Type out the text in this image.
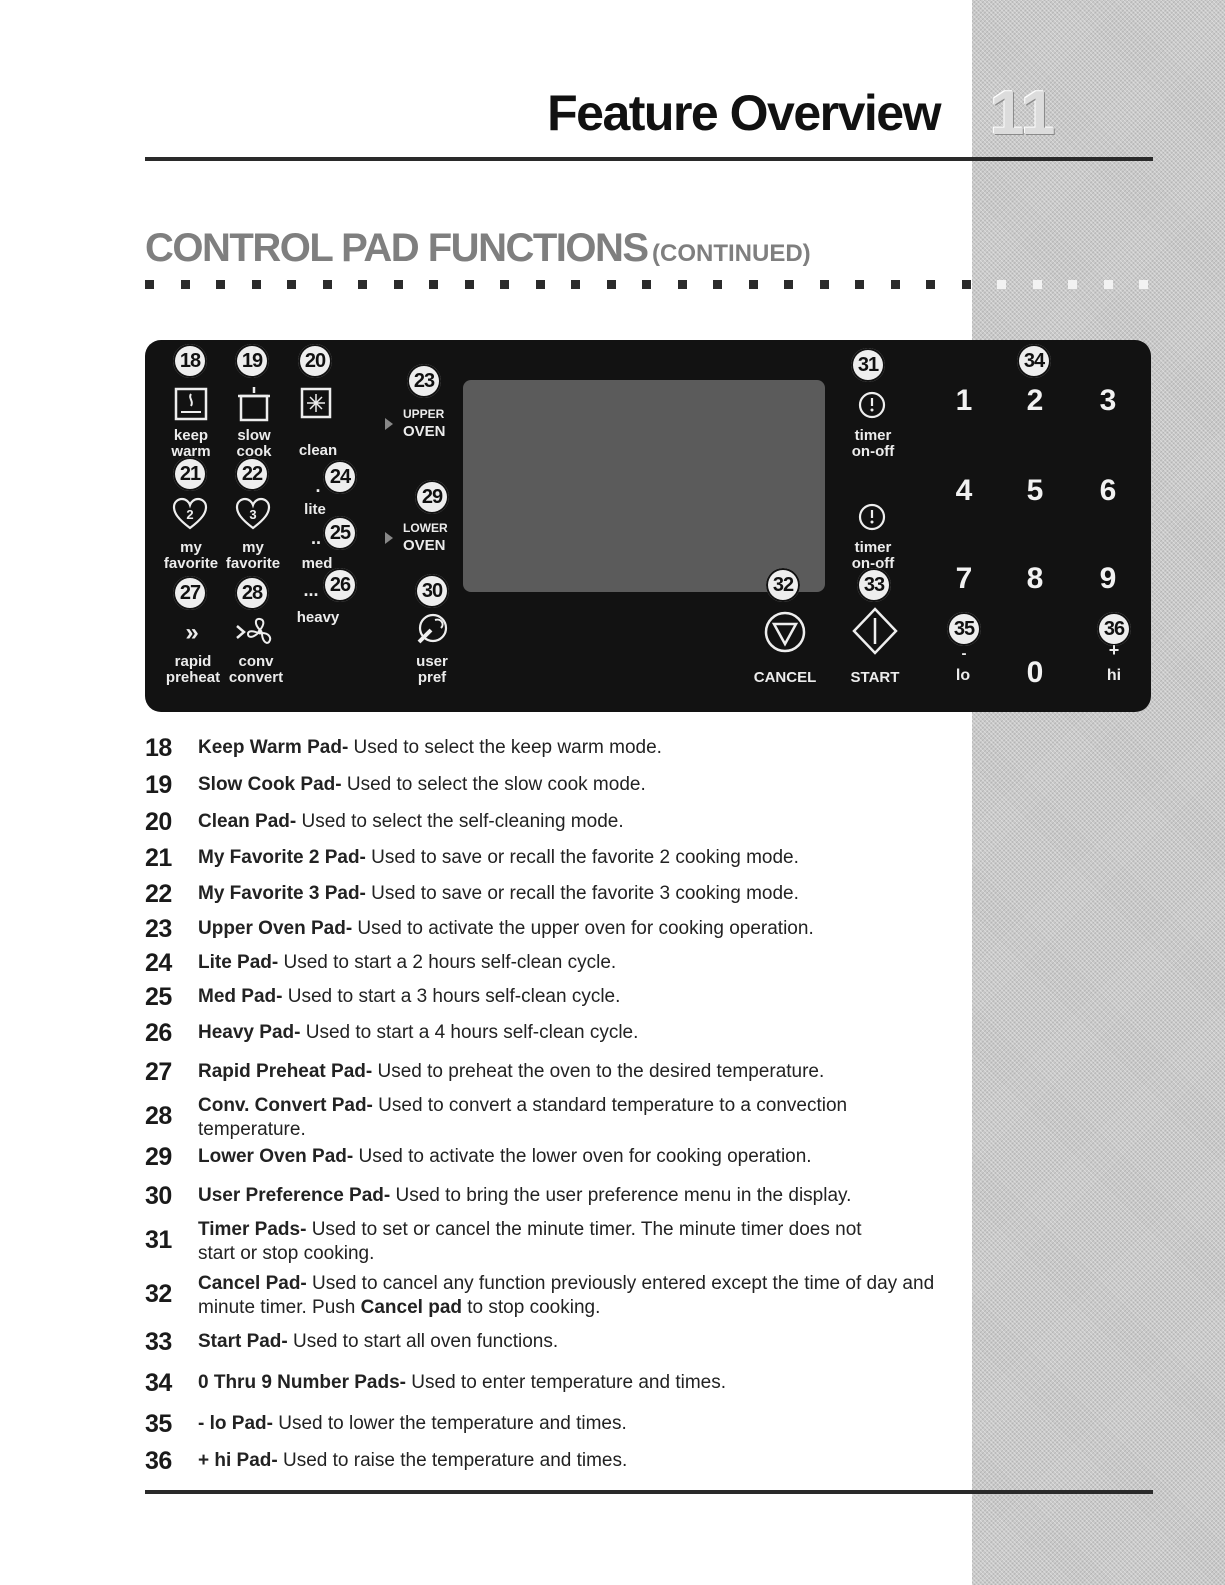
Feature Overview 11
CONTROL PAD FUNCTIONS (CONTINUED)
18	19	20
21	22
23
24
25
26
27	28
29
30
31
32	33
34
35	36
keep
warm
slow
cook	clean
.
lite
..
med
...
heavy
2
my
favorite
3
my
favorite
»
rapid
preheat
conv
convert
UPPER
OVEN
LOWER
OVEN
user
pref
timer
on-off
timer
on-off
CANCEL	START
1	2	3
4	5	6
7	8	9
0
-
lo
+
hi
18 Keep Warm Pad- Used to select the keep warm mode.
19 Slow Cook Pad- Used to select the slow cook mode.
20 Clean Pad- Used to select the self-cleaning mode.
21 My Favorite 2 Pad- Used to save or recall the favorite 2 cooking mode.
22 My Favorite 3 Pad- Used to save or recall the favorite 3 cooking mode.
23 Upper Oven Pad- Used to activate the upper oven for cooking operation.
24 Lite Pad- Used to start a 2 hours self-clean cycle.
25 Med Pad- Used to start a 3 hours self-clean cycle.
26 Heavy Pad- Used to start a 4 hours self-clean cycle.
27 Rapid Preheat Pad- Used to preheat the oven to the desired temperature.
28 Conv. Convert Pad- Used to convert a standard temperature to a convection temperature.
29 Lower Oven Pad- Used to activate the lower oven for cooking operation.
30 User Preference Pad- Used to bring the user preference menu in the display.
31 Timer Pads- Used to set or cancel the minute timer. The minute timer does not start or stop cooking.
32 Cancel Pad- Used to cancel any function previously entered except the time of day and minute timer. Push Cancel pad to stop cooking.
33 Start Pad- Used to start all oven functions.
34 0 Thru 9 Number Pads- Used to enter temperature and times.
35 - lo Pad- Used to lower the temperature and times.
36 + hi Pad- Used to raise the temperature and times.
